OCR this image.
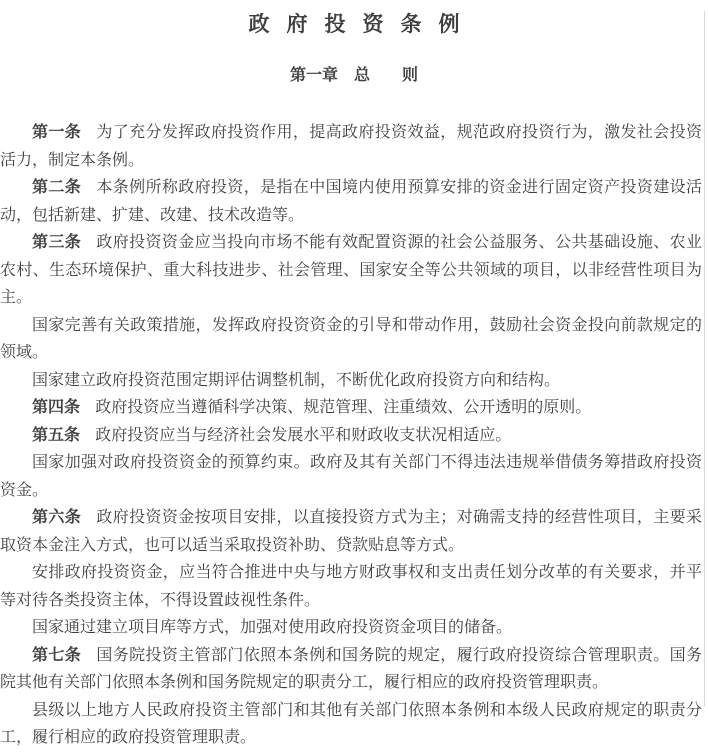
政府投资条例
第一章 总则

第一条 为了充分发挥政府投资作用，提高政府投资效益，规范政府投资行为，激发社会投资活力，制定本条例。

第二条 本条例所称政府投资，是指在中国境内使用预算安排的资金进行固定资产投资建设活动，包括新建、扩建、改建、技术改造等。

第三条 政府投资资金应当投向市场不能有效配置资源的社会公益服务、公共基础设施、农业农村、生态环境保护、重大科技进步、社会管理、国家安全等公共领域的项目，以非经营性项目为主。

国家完善有关政策措施，发挥政府投资资金的引导和带动作用，鼓励社会资金投向前款规定的领域。

国家建立政府投资范围定期评估调整机制，不断优化政府投资方向和结构。

第四条 政府投资应当遵循科学决策、规范管理、注重绩效、公开透明的原则。

第五条 政府投资应当与经济社会发展水平和财政收支状况相适应。

国家加强对政府投资资金的预算约束。政府及其有关部门不得违法违规举借债务筹措政府投资资金。

第六条 政府投资资金按项目安排，以直接投资方式为主；对确需支持的经营性项目，主要采取资本金注入方式，也可以适当采取投资补助、贷款贴息等方式。

安排政府投资资金，应当符合推进中央与地方财政事权和支出责任划分改革的有关要求，并平等对待各类投资主体，不得设置歧视性条件。

国家通过建立项目库等方式，加强对使用政府投资资金项目的储备。

第七条 国务院投资主管部门依照本条例和国务院的规定，履行政府投资综合管理职责。国务院其他有关部门依照本条例和国务院规定的职责分工，履行相应的政府投资管理职责。

县级以上地方人民政府投资主管部门和其他有关部门依照本条例和本级人民政府规定的职责分工，履行相应的政府投资管理职责。
